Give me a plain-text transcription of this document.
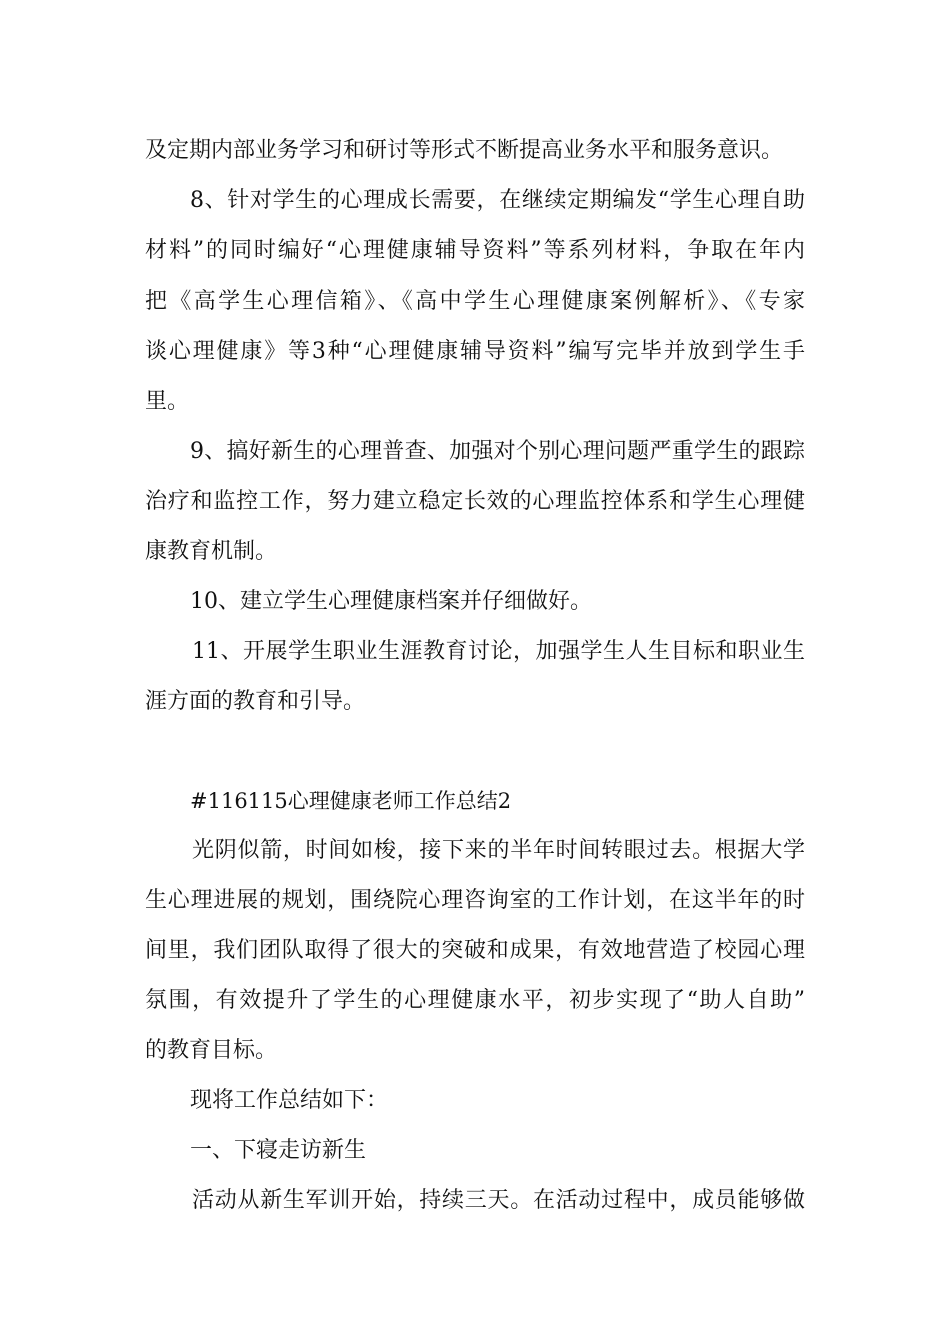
及定期内部业务学习和研讨等形式不断提高业务水平和服务意识。
8、针对学生的心理成长需要，在继续定期编发“学生心理自助
材料”的同时编好“心理健康辅导资料”等系列材料，争取在年内
把《高学生心理信箱》、《高中学生心理健康案例解析》、《专家
谈心理健康》等3种“心理健康辅导资料”编写完毕并放到学生手
里。
9、搞好新生的心理普查、加强对个别心理问题严重学生的跟踪
治疗和监控工作，努力建立稳定长效的心理监控体系和学生心理健
康教育机制。
10、建立学生心理健康档案并仔细做好。
11、开展学生职业生涯教育讨论，加强学生人生目标和职业生
涯方面的教育和引导。
#116115心理健康老师工作总结2
光阴似箭，时间如梭，接下来的半年时间转眼过去。根据大学
生心理进展的规划，围绕院心理咨询室的工作计划，在这半年的时
间里，我们团队取得了很大的突破和成果，有效地营造了校园心理
氛围，有效提升了学生的心理健康水平，初步实现了“助人自助”
的教育目标。
现将工作总结如下：
一、下寝走访新生
活动从新生军训开始，持续三天。在活动过程中，成员能够做
